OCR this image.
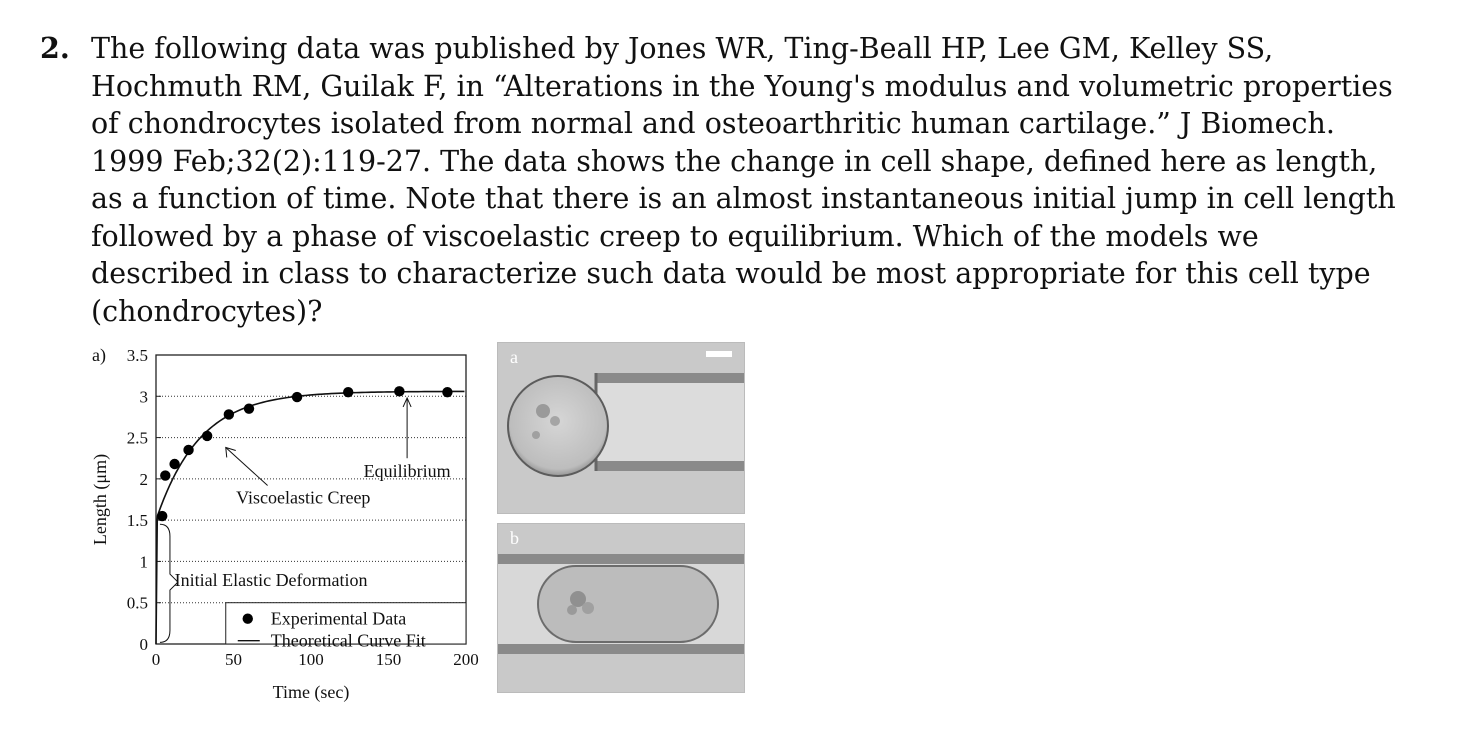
2. The following data was published by Jones WR, Ting-Beall HP, Lee GM, Kelley SS, Hochmuth RM, Guilak F, in “Alterations in the Young's modulus and volumetric properties of chondrocytes isolated from normal and osteoarthritic human cartilage.” J Biomech. 1999 Feb;32(2):119-27. The data shows the change in cell shape, defined here as length, as a function of time. Note that there is an almost instantaneous initial jump in cell length followed by a phase of viscoelastic creep to equilibrium. Which of the models we described in class to characterize such data would be most appropriate for this cell type (chondrocytes)?
0
0.5
1
1.5
2
2.5
3
3.5
0	50	100	150	200
Time (sec)
Length (μm)
a)
Equilibrium
Viscoelastic Creep
Initial Elastic Deformation
Experimental Data
Theoretical Curve Fit
a
b
